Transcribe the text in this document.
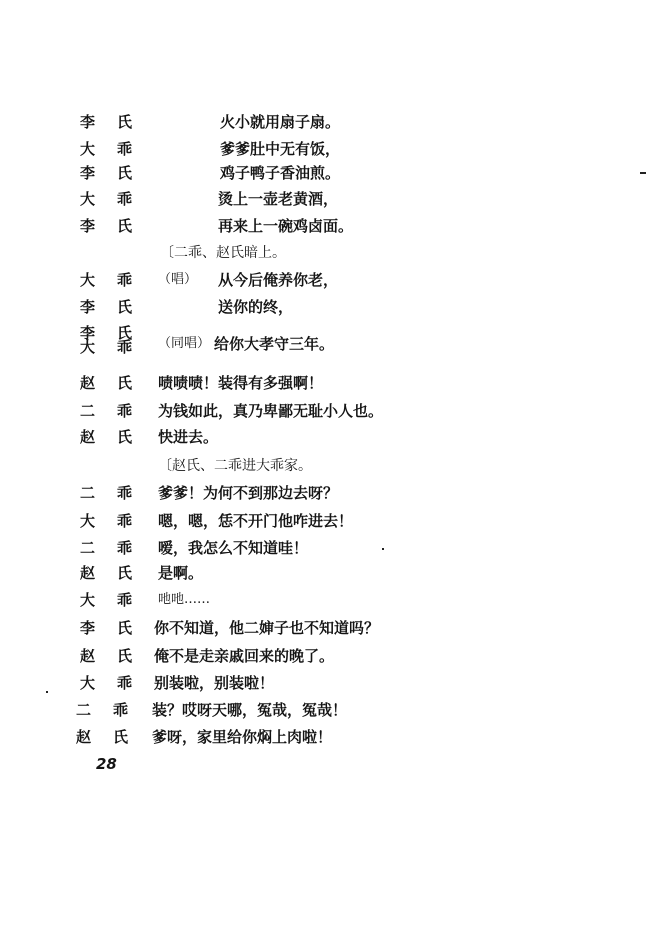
李氏	火小就用扇子扇。
大乖	爹爹肚中无有饭，
李氏	鸡子鸭子香油煎。
大乖	烫上一壶老黄酒，
李氏	再来上一碗鸡卤面。
〔二乖、赵氏暗上。
大乖 （唱） 从今后俺养你老，
李氏	送你的终，
李氏
大乖 （同唱） 给你大孝守三年。
赵氏 啧啧啧！装得有多强啊！
二乖 为钱如此，真乃卑鄙无耻小人也。
赵氏 快进去。
〔赵氏、二乖进大乖家。
二乖 爹爹！为何不到那边去呀？
大乖 嗯，嗯，恁不开门他咋进去！
二乖 嗳，我怎么不知道哇！
赵氏 是啊。
大乖 吔吔……
李氏 你不知道，他二婶子也不知道吗？
赵氏 俺不是走亲戚回来的晚了。
大乖 别装啦，别装啦！
二乖 装？哎呀天哪，冤哉，冤哉！
赵氏 爹呀，家里给你焖上肉啦！
28
